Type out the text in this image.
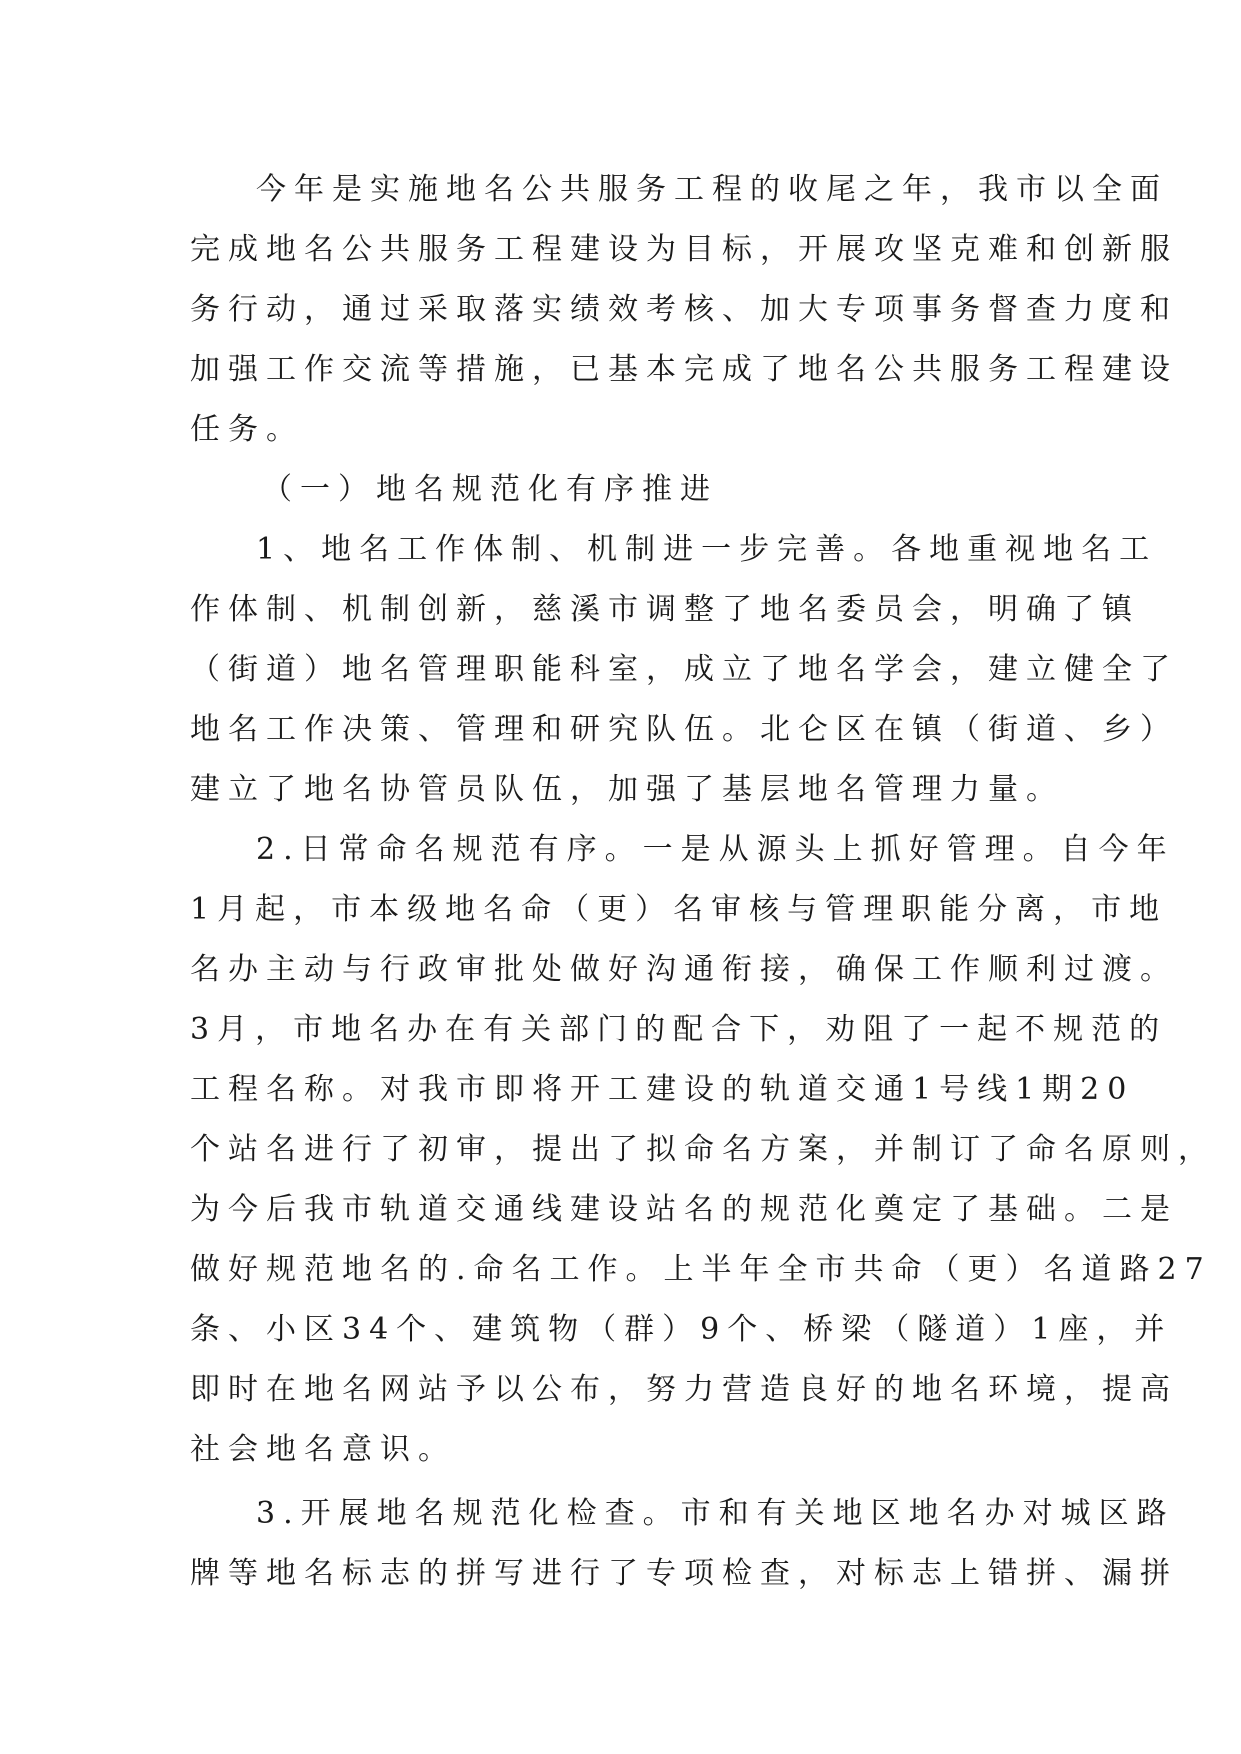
今年是实施地名公共服务工程的收尾之年，我市以全面
完成地名公共服务工程建设为目标，开展攻坚克难和创新服
务行动，通过采取落实绩效考核、加大专项事务督查力度和
加强工作交流等措施，已基本完成了地名公共服务工程建设
任务。
（一）地名规范化有序推进
1、地名工作体制、机制进一步完善。各地重视地名工
作体制、机制创新，慈溪市调整了地名委员会，明确了镇
（街道）地名管理职能科室，成立了地名学会，建立健全了
地名工作决策、管理和研究队伍。北仑区在镇（街道、乡）
建立了地名协管员队伍，加强了基层地名管理力量。
2.日常命名规范有序。一是从源头上抓好管理。自今年
1月起，市本级地名命（更）名审核与管理职能分离，市地
名办主动与行政审批处做好沟通衔接，确保工作顺利过渡。
3月，市地名办在有关部门的配合下，劝阻了一起不规范的
工程名称。对我市即将开工建设的轨道交通1号线1期20
个站名进行了初审，提出了拟命名方案，并制订了命名原则，
为今后我市轨道交通线建设站名的规范化奠定了基础。二是
做好规范地名的.命名工作。上半年全市共命（更）名道路27
条、小区34个、建筑物（群）9个、桥梁（隧道）1座，并
即时在地名网站予以公布，努力营造良好的地名环境，提高
社会地名意识。
3.开展地名规范化检查。市和有关地区地名办对城区路
牌等地名标志的拼写进行了专项检查，对标志上错拼、漏拼
